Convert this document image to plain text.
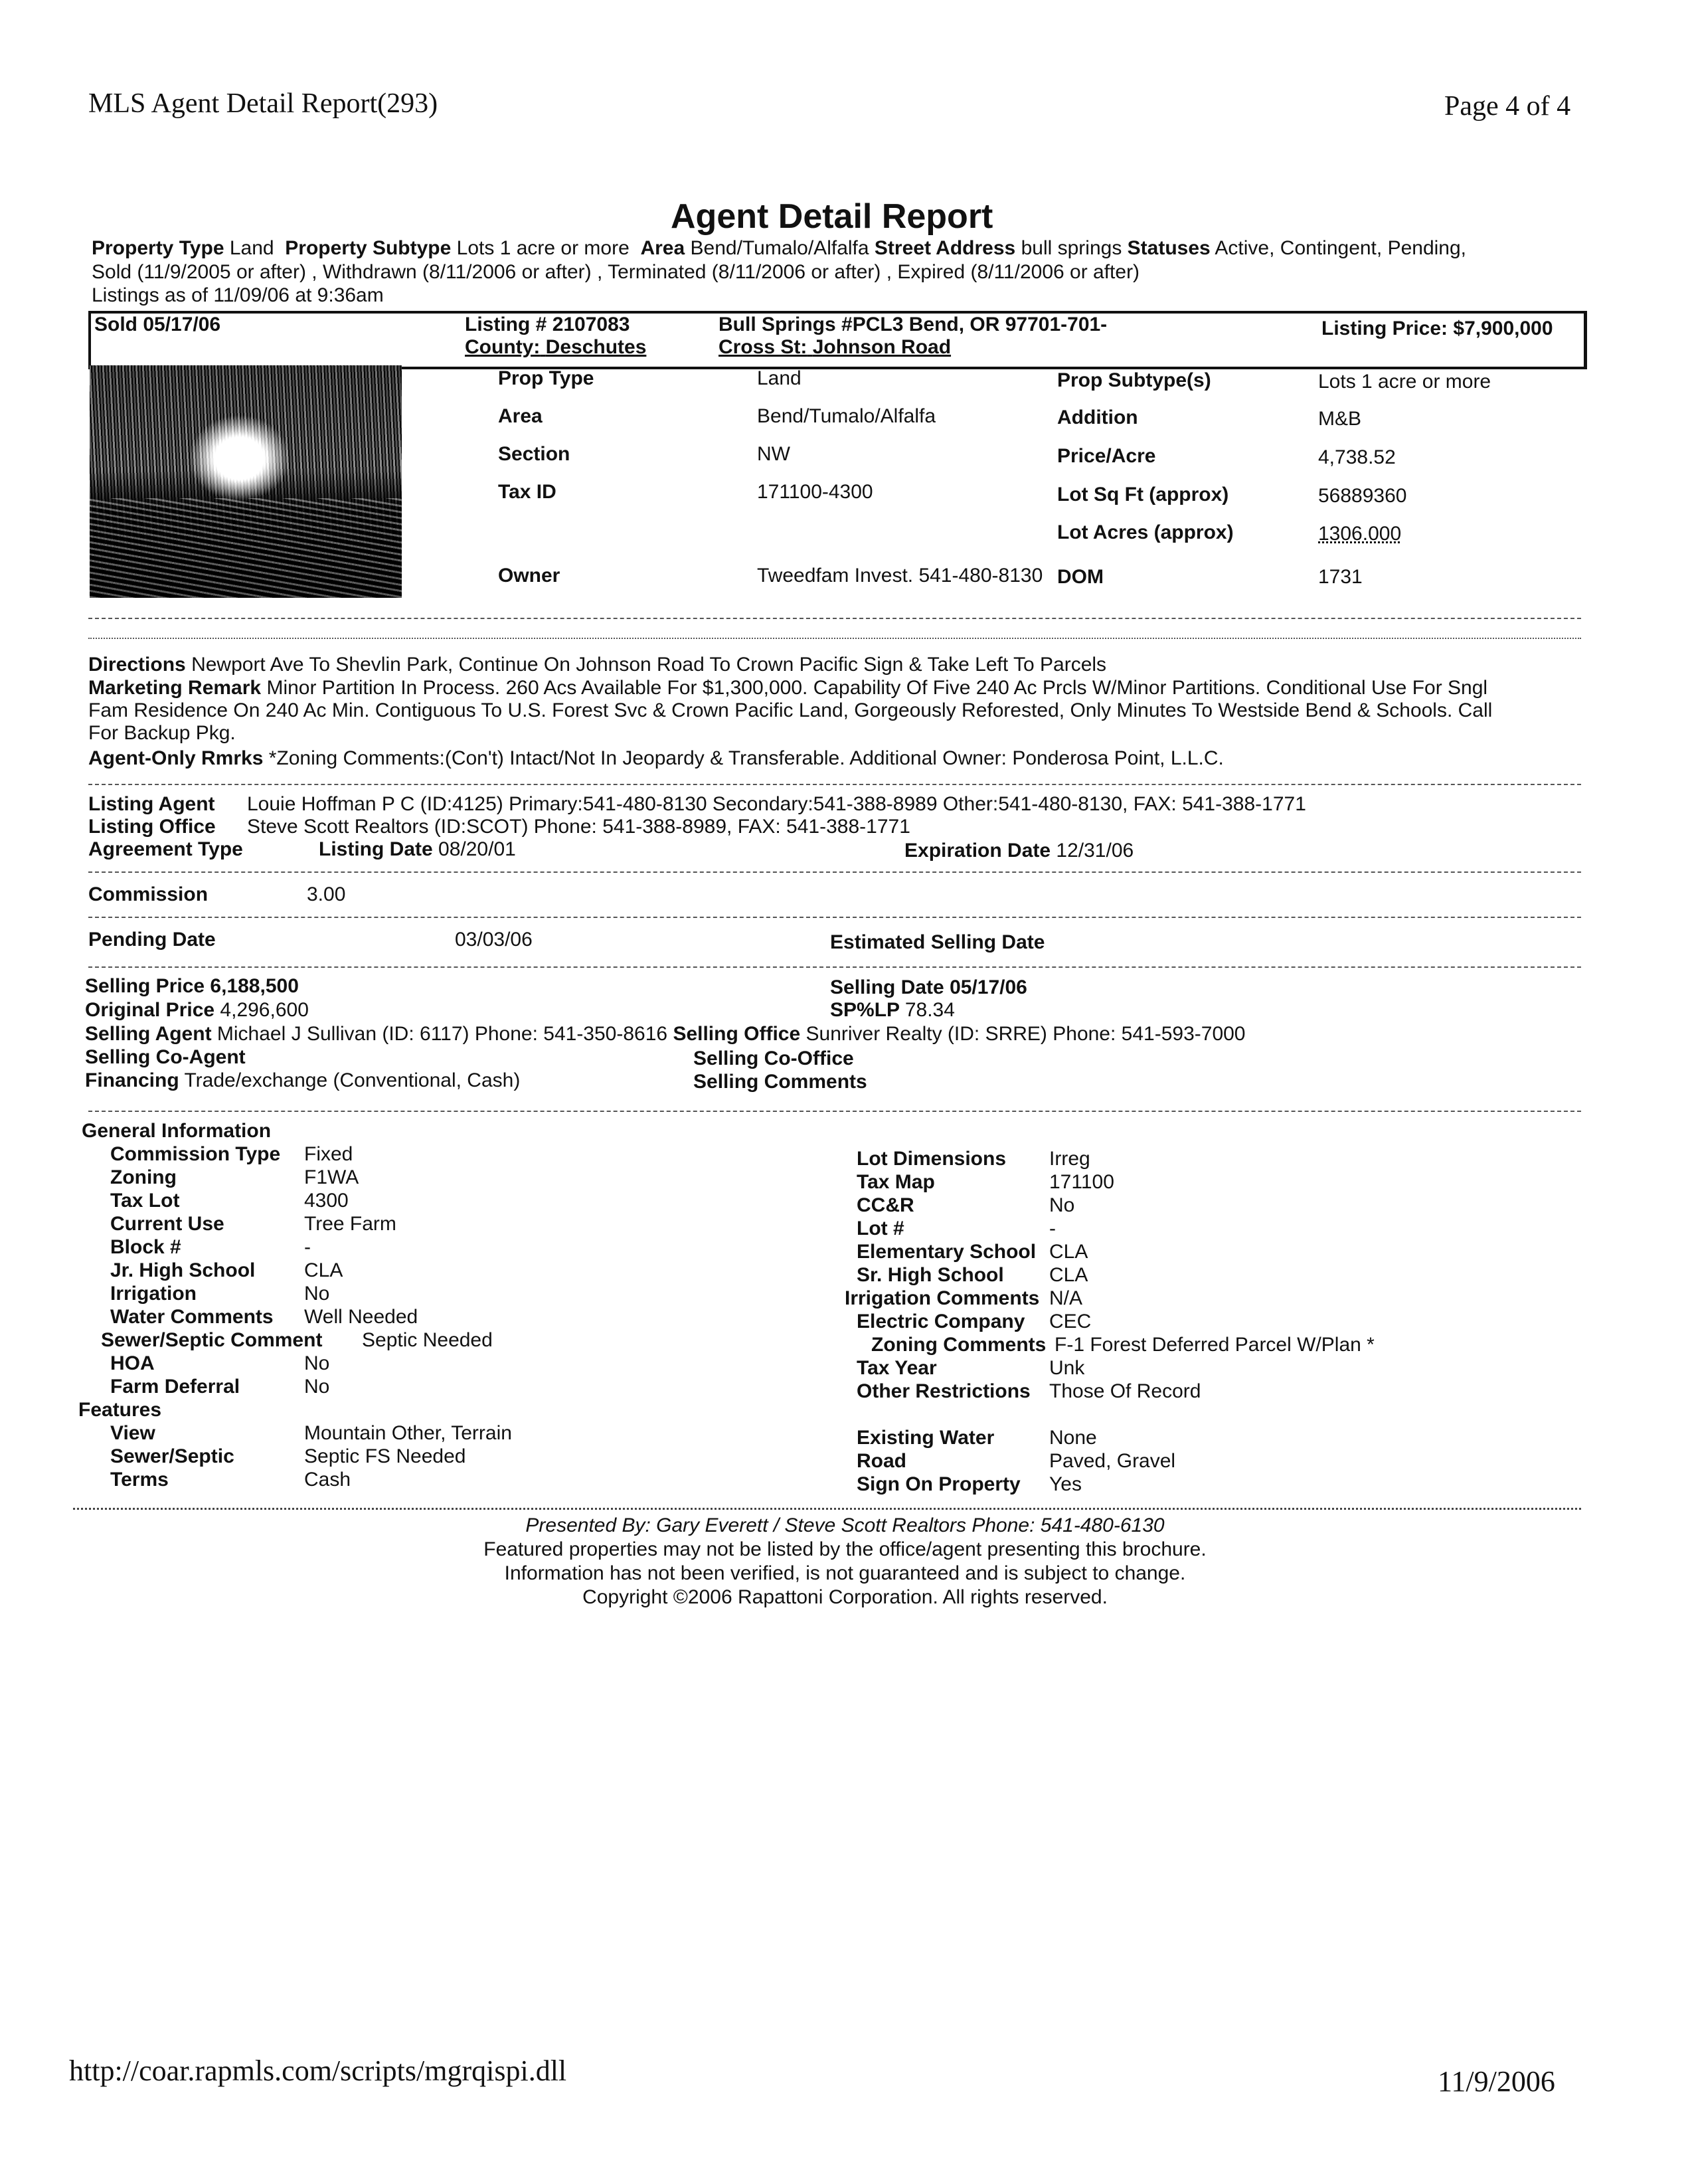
MLS Agent Detail Report(293)	Page 4 of 4
Agent Detail Report
Property Type Land Property Subtype Lots 1 acre or more Area Bend/Tumalo/Alfalfa Street Address bull springs Statuses Active, Contingent, Pending,
Sold (11/9/2005 or after) , Withdrawn (8/11/2006 or after) , Terminated (8/11/2006 or after) , Expired (8/11/2006 or after)
Listings as of 11/09/06 at 9:36am
Sold 05/17/06	Listing # 2107083
County: Deschutes
Bull Springs #PCL3 Bend, OR 97701-701-
Cross St: Johnson Road
Listing Price: $7,900,000
Prop Type	Land	Prop Subtype(s)	Lots 1 acre or more
Area	Bend/Tumalo/Alfalfa	Addition	M&B
Section	NW	Price/Acre	4,738.52
Tax ID	171100-4300	Lot Sq Ft (approx)	56889360
Lot Acres (approx)	1306.000
Owner	Tweedfam Invest. 541-480-8130 DOM	1731
Directions Newport Ave To Shevlin Park, Continue On Johnson Road To Crown Pacific Sign & Take Left To Parcels
Marketing Remark Minor Partition In Process. 260 Acs Available For $1,300,000. Capability Of Five 240 Ac Prcls W/Minor Partitions. Conditional Use For Sngl
Fam Residence On 240 Ac Min. Contiguous To U.S. Forest Svc & Crown Pacific Land, Gorgeously Reforested, Only Minutes To Westside Bend & Schools. Call
For Backup Pkg.
Agent-Only Rmrks *Zoning Comments:(Con't) Intact/Not In Jeopardy & Transferable. Additional Owner: Ponderosa Point, L.L.C.
Listing Agent Louie Hoffman P C (ID:4125) Primary:541-480-8130 Secondary:541-388-8989 Other:541-480-8130, FAX: 541-388-1771
Listing Office Steve Scott Realtors (ID:SCOT) Phone: 541-388-8989, FAX: 541-388-1771
Agreement Type	Listing Date 08/20/01	Expiration Date 12/31/06
Commission	3.00
Pending Date	03/03/06	Estimated Selling Date
Selling Price 6,188,500	Selling Date 05/17/06
Original Price 4,296,600	SP%LP 78.34
Selling Agent Michael J Sullivan (ID: 6117) Phone: 541-350-8616 Selling Office Sunriver Realty (ID: SRRE) Phone: 541-593-7000
Selling Co-Agent	Selling Co-Office
Financing Trade/exchange (Conventional, Cash)	Selling Comments
General Information
Commission Type Fixed
Zoning	F1WA
Tax Lot	4300
Current Use	Tree Farm
Block #	-
Jr. High School CLA
Irrigation	No
Water Comments Well Needed
Sewer/Septic Comment Septic Needed
HOA	No
Farm Deferral	No
Lot Dimensions Irreg
Tax Map	171100
CC&R	No
Lot #	-
Elementary School CLA
Sr. High School CLA
Irrigation Comments N/A
Electric Company CEC
Zoning Comments F-1 Forest Deferred Parcel W/Plan *
Tax Year	Unk
Other Restrictions Those Of Record
Features
View	Mountain Other, Terrain
Sewer/Septic	Septic FS Needed
Terms	Cash
Existing Water	None
Road	Paved, Gravel
Sign On Property Yes
Presented By: Gary Everett / Steve Scott Realtors Phone: 541-480-6130
Featured properties may not be listed by the office/agent presenting this brochure.
Information has not been verified, is not guaranteed and is subject to change.
Copyright ©2006 Rapattoni Corporation. All rights reserved.
http://coar.rapmls.com/scripts/mgrqispi.dll	11/9/2006
